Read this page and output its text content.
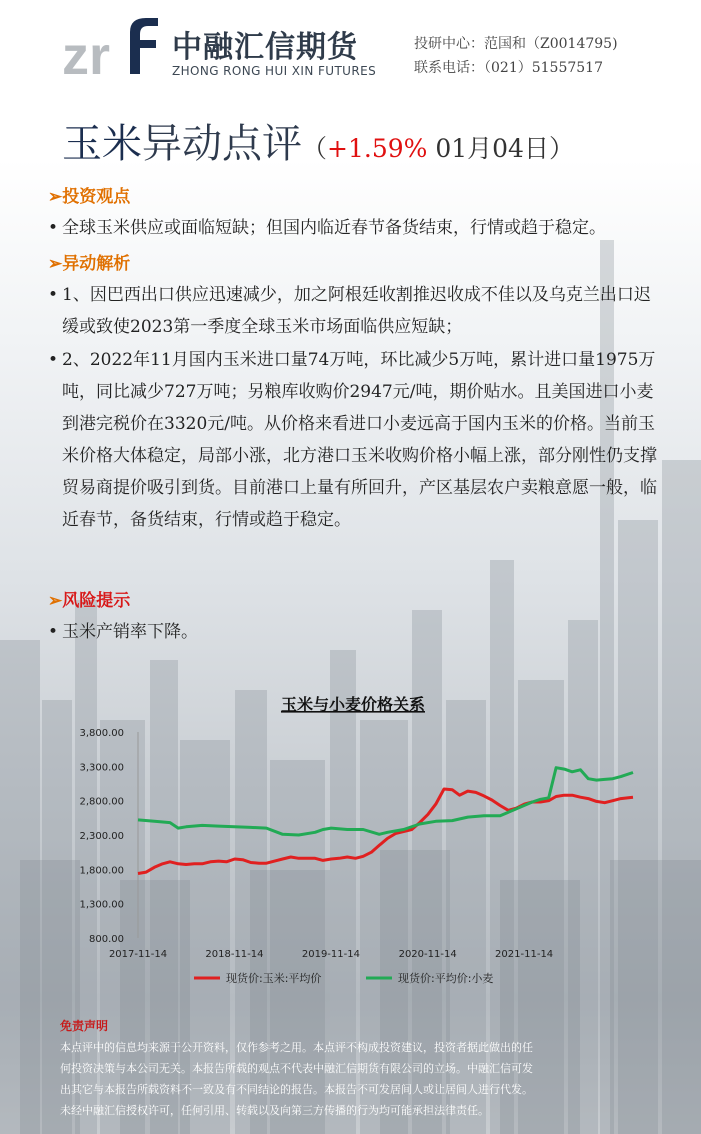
zr 中融汇信期货
ZHONG RONG HUI XIN FUTURES
投研中心：范国和（Z0014795)
联系电话：（021）51557517
玉米异动点评（+1.59% 01月04日）
➢投资观点
• 全球玉米供应或面临短缺；但国内临近春节备货结束，行情或趋于稳定。
➢异动解析
• 1、因巴西出口供应迅速减少，加之阿根廷收割推迟收成不佳以及乌克兰出口迟缓或致使2023第一季度全球玉米市场面临供应短缺；
• 2、2022年11月国内玉米进口量74万吨，环比减少5万吨，累计进口量1975万吨，同比减少727万吨；另粮库收购价2947元/吨，期价贴水。且美国进口小麦到港完税价在3320元/吨。从价格来看进口小麦远高于国内玉米的价格。当前玉米价格大体稳定，局部小涨，北方港口玉米收购价格小幅上涨，部分刚性仍支撑贸易商提价吸引到货。目前港口上量有所回升，产区基层农户卖粮意愿一般，临近春节，备货结束，行情或趋于稳定。
➢风险提示
• 玉米产销率下降。
玉米与小麦价格关系
3,800.00
3,300.00
2,800.00
2,300.00
1,800.00
1,300.00
800.00
2017-11-14	2018-11-14	2019-11-14	2020-11-14	2021-11-14
现货价:玉米:平均价	现货价:平均价:小麦
免责声明
本点评中的信息均来源于公开资料，仅作参考之用。本点评不构成投资建议，投资者据此做出的任
何投资决策与本公司无关。本报告所载的观点不代表中融汇信期货有限公司的立场。中融汇信可发
出其它与本报告所载资料不一致及有不同结论的报告。本报告不可发居间人或让居间人进行代发。
未经中融汇信授权许可，任何引用、转载以及向第三方传播的行为均可能承担法律责任。
